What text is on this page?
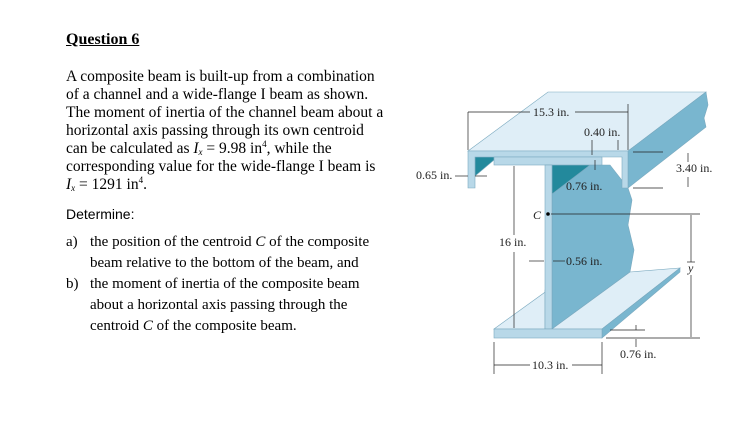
Question 6
A composite beam is built-up from a combination
of a channel and a wide-flange I beam as shown.
The moment of inertia of the channel beam about a
horizontal axis passing through its own centroid
can be calculated as $I_x = 9.98$ $in^4$, while the
corresponding value for the wide-flange I beam is
$I_x = 1291$ $in^4$.
Determine:
a) the position of the centroid C of the composite
beam relative to the bottom of the beam, and
b) the moment of inertia of the composite beam
about a horizontal axis passing through the
centroid C of the composite beam.
15.3 in.
0.40 in.
0.65 in.	3.40 in.
0.76 in.
16 in.
0.56 in.
0.76 in.
10.3 in.
C
y
